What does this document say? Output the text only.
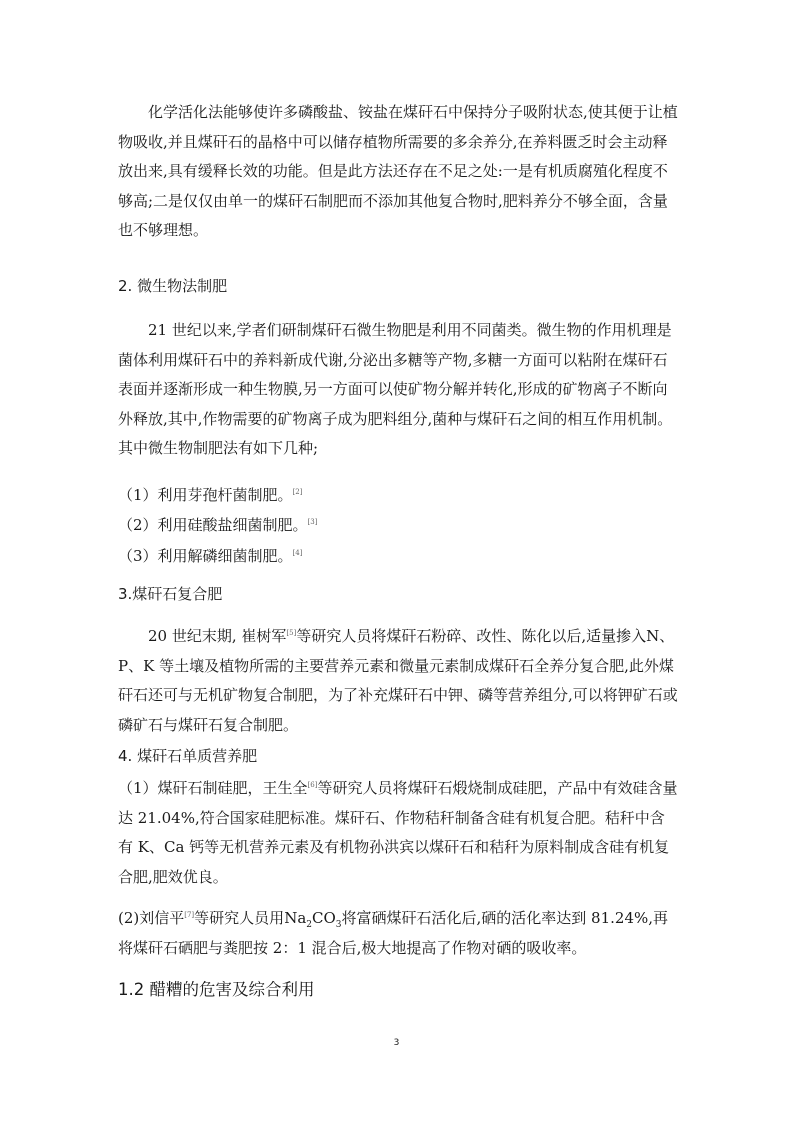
化学活化法能够使许多磷酸盐、铵盐在煤矸石中保持分子吸附状态,使其便于让植物吸收,并且煤矸石的晶格中可以储存植物所需要的多余养分,在养料匮乏时会主动释放出来,具有缓释长效的功能。但是此方法还存在不足之处:一是有机质腐殖化程度不够高;二是仅仅由单一的煤矸石制肥而不添加其他复合物时,肥料养分不够全面，含量也不够理想。

2. 微生物法制肥

21 世纪以来,学者们研制煤矸石微生物肥是利用不同菌类。微生物的作用机理是菌体利用煤矸石中的养料新成代谢,分泌出多糖等产物,多糖一方面可以粘附在煤矸石表面并逐渐形成一种生物膜,另一方面可以使矿物分解并转化,形成的矿物离子不断向外释放,其中,作物需要的矿物离子成为肥料组分,菌种与煤矸石之间的相互作用机制。其中微生物制肥法有如下几种;

（1）利用芽孢杆菌制肥。[2]

（2）利用硅酸盐细菌制肥。[3]

（3）利用解磷细菌制肥。[4]

3.煤矸石复合肥

20 世纪末期, 崔树军[5]等研究人员将煤矸石粉碎、改性、陈化以后,适量掺入N、P、K 等土壤及植物所需的主要营养元素和微量元素制成煤矸石全养分复合肥,此外煤矸石还可与无机矿物复合制肥，为了补充煤矸石中钾、磷等营养组分,可以将钾矿石或磷矿石与煤矸石复合制肥。

4. 煤矸石单质营养肥

（1）煤矸石制硅肥，王生全[6]等研究人员将煤矸石煅烧制成硅肥，产品中有效硅含量达 21.04%,符合国家硅肥标准。煤矸石、作物秸秆制备含硅有机复合肥。秸秆中含有 K、Ca 钙等无机营养元素及有机物孙洪宾以煤矸石和秸秆为原料制成含硅有机复合肥,肥效优良。

(2)刘信平[7]等研究人员用$Na_2CO_3$将富硒煤矸石活化后,硒的活化率达到 81.24%,再将煤矸石硒肥与粪肥按 2：1 混合后,极大地提高了作物对硒的吸收率。

1.2 醋糟的危害及综合利用

3
